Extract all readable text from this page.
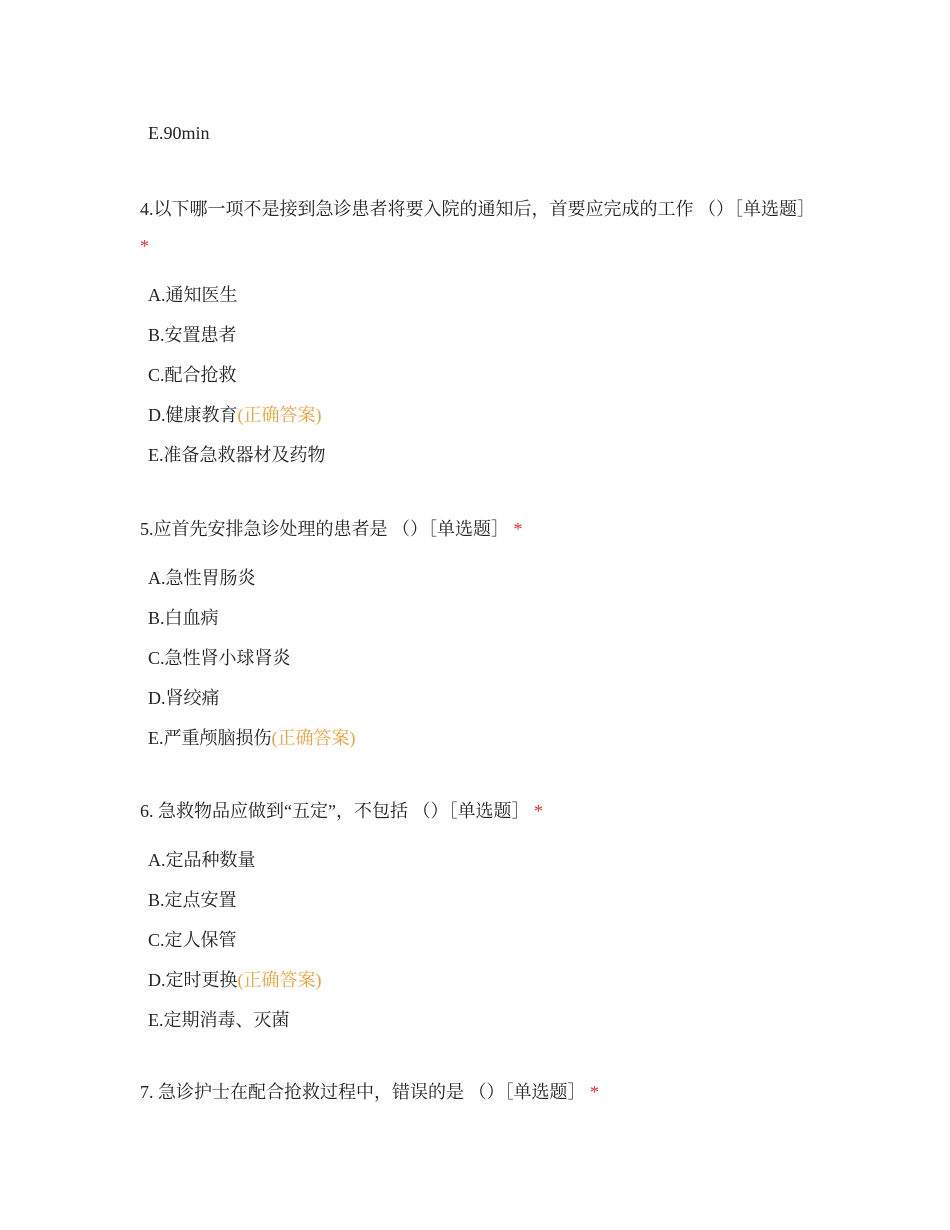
E.90min

4.以下哪一项不是接到急诊患者将要入院的通知后，首要应完成的工作 （）［单选题］ *

A.通知医生
B.安置患者
C.配合抢救
D.健康教育(正确答案)
E.准备急救器材及药物

5.应首先安排急诊处理的患者是 （）［单选题］ *

A.急性胃肠炎
B.白血病
C.急性肾小球肾炎
D.肾绞痛
E.严重颅脑损伤(正确答案)

6. 急救物品应做到“五定”，不包括 （）［单选题］ *

A.定品种数量
B.定点安置
C.定人保管
D.定时更换(正确答案)
E.定期消毒、灭菌

7. 急诊护士在配合抢救过程中，错误的是 （）［单选题］ *
